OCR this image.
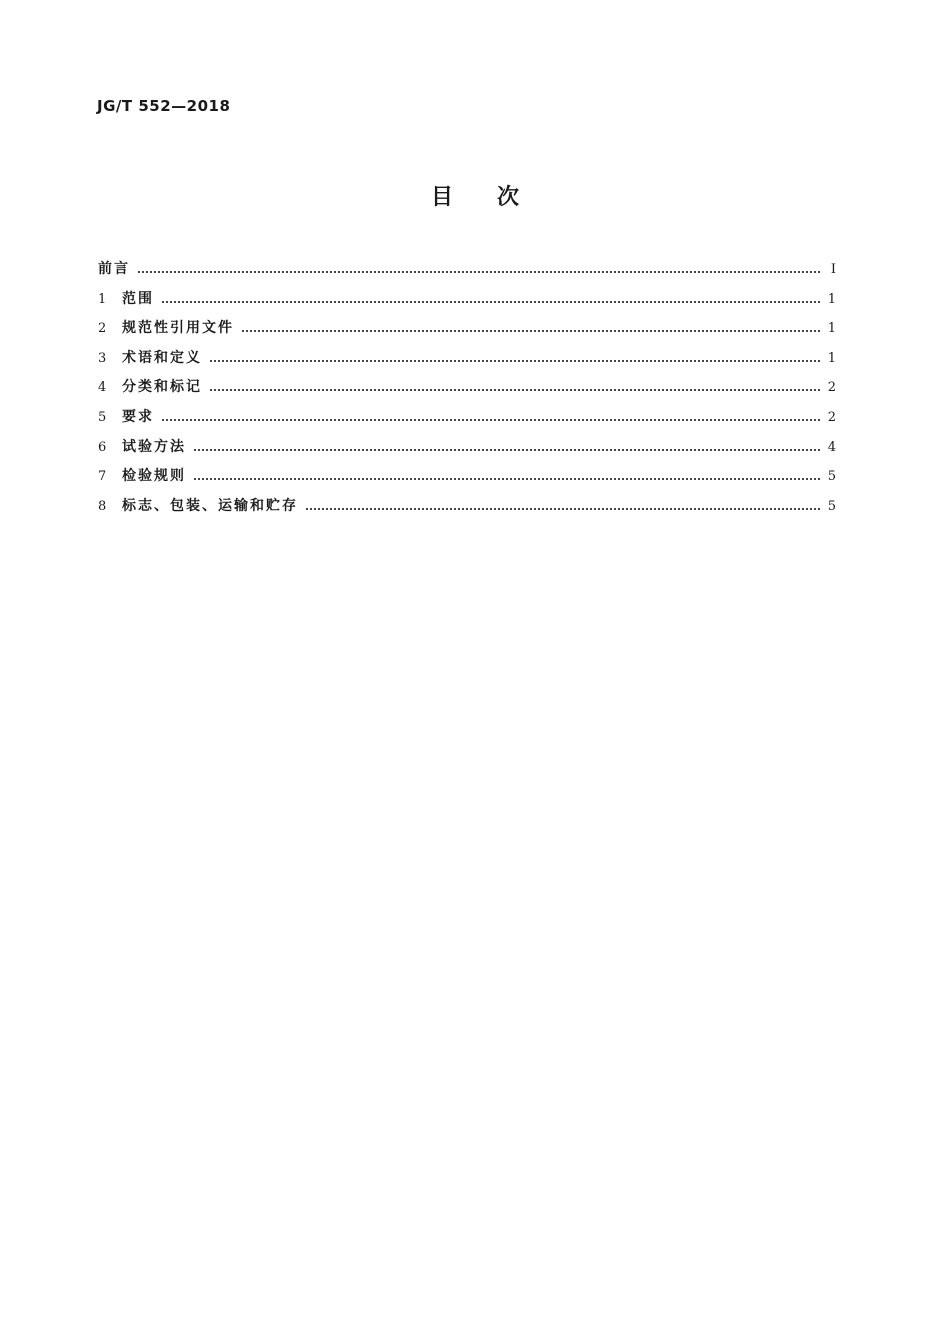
JG/T 552—2018
目 次
前言	Ⅰ
1	范围	1
2	规范性引用文件	1
3	术语和定义	1
4	分类和标记	2
5	要求	2
6	试验方法	4
7	检验规则	5
8	标志、包装、运输和贮存	5
